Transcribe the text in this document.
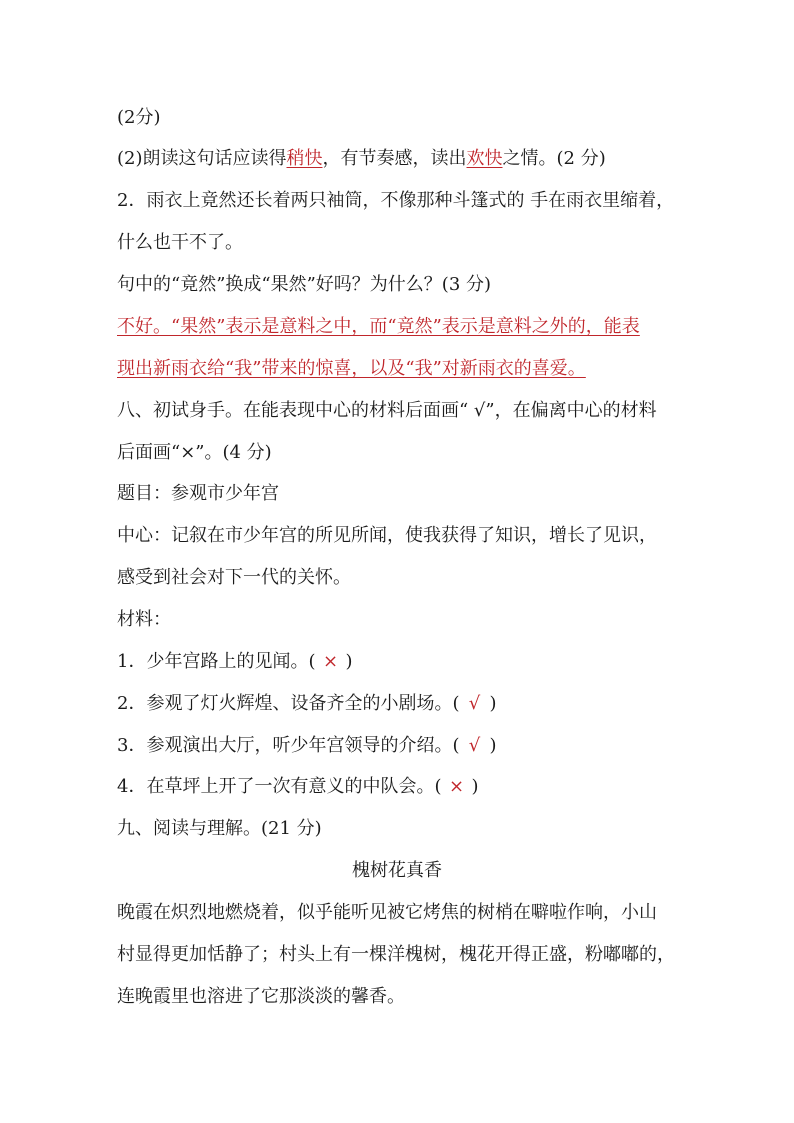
(2分)
(2)朗读这句话应读得稍快，有节奏感，读出欢快之情。(2 分)
2．雨衣上竟然还长着两只袖筒，不像那种斗篷式的 手在雨衣里缩着，
什么也干不了。
句中的“竟然”换成“果然”好吗？为什么？(3 分)
不好。“果然”表示是意料之中，而“竟然”表示是意料之外的，能表
现出新雨衣给“我”带来的惊喜，以及“我”对新雨衣的喜爱。
八、初试身手。在能表现中心的材料后面画“ √”，在偏离中心的材料
后面画“×”。(4 分)
题目：参观市少年宫
中心：记叙在市少年宫的所见所闻，使我获得了知识，增长了见识，
感受到社会对下一代的关怀。
材料：
1．少年宫路上的见闻。( × )
2．参观了灯火辉煌、设备齐全的小剧场。( √ )
3．参观演出大厅，听少年宫领导的介绍。( √ )
4．在草坪上开了一次有意义的中队会。( × )
九、阅读与理解。(21 分)
槐树花真香
晚霞在炽烈地燃烧着，似乎能听见被它烤焦的树梢在噼啦作响，小山
村显得更加恬静了；村头上有一棵洋槐树，槐花开得正盛，粉嘟嘟的，
连晚霞里也溶进了它那淡淡的馨香。
